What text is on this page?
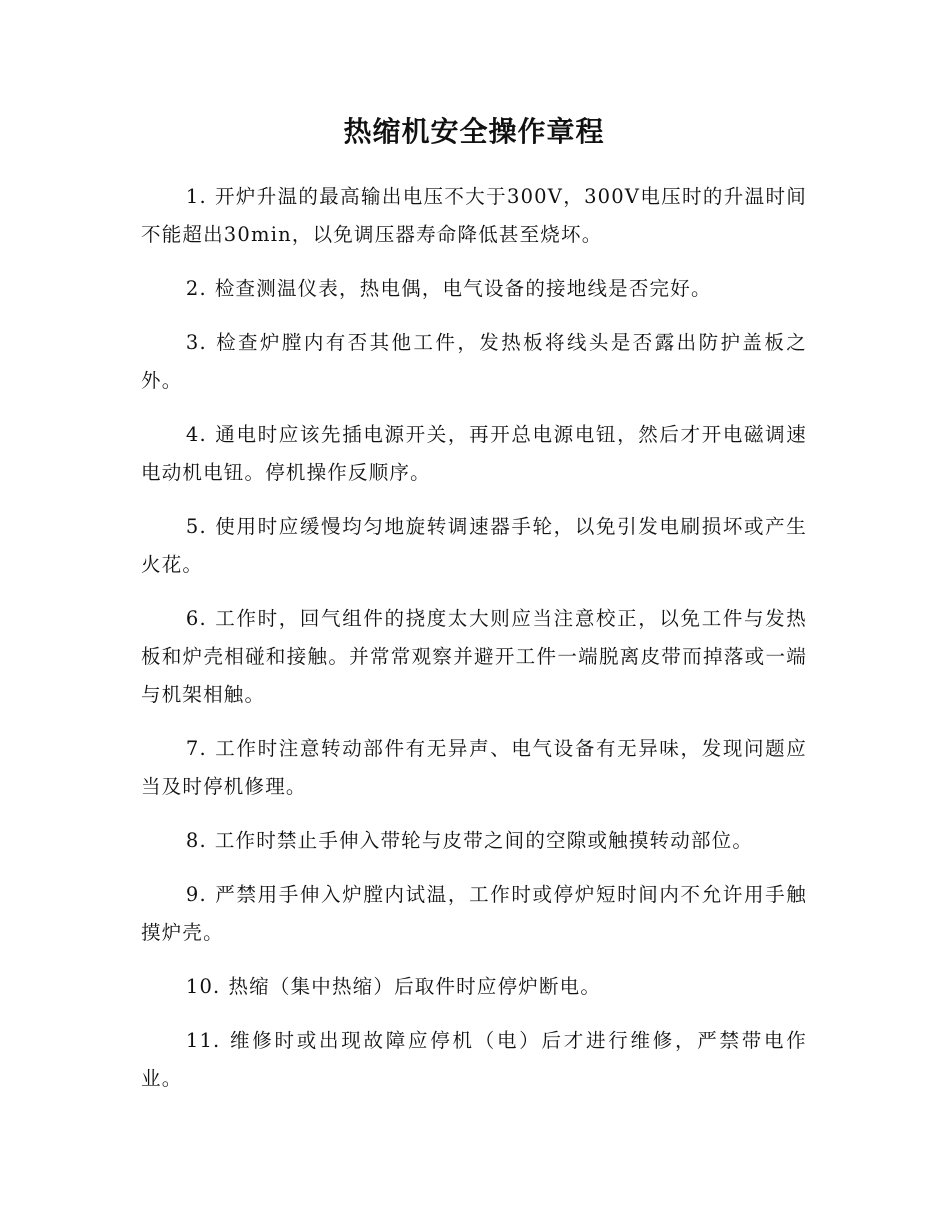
热缩机安全操作章程

1. 开炉升温的最高输出电压不大于300V，300V电压时的升温时间不能超出30min，以免调压器寿命降低甚至烧坏。

2. 检查测温仪表，热电偶，电气设备的接地线是否完好。

3. 检查炉膛内有否其他工件，发热板将线头是否露出防护盖板之外。

4. 通电时应该先插电源开关，再开总电源电钮，然后才开电磁调速电动机电钮。停机操作反顺序。

5. 使用时应缓慢均匀地旋转调速器手轮，以免引发电刷损坏或产生火花。

6. 工作时，回气组件的挠度太大则应当注意校正，以免工件与发热板和炉壳相碰和接触。并常常观察并避开工件一端脱离皮带而掉落或一端与机架相触。

7. 工作时注意转动部件有无异声、电气设备有无异味，发现问题应当及时停机修理。

8. 工作时禁止手伸入带轮与皮带之间的空隙或触摸转动部位。

9. 严禁用手伸入炉膛内试温，工作时或停炉短时间内不允许用手触摸炉壳。

10. 热缩（集中热缩）后取件时应停炉断电。

11. 维修时或出现故障应停机（电）后才进行维修，严禁带电作业。
